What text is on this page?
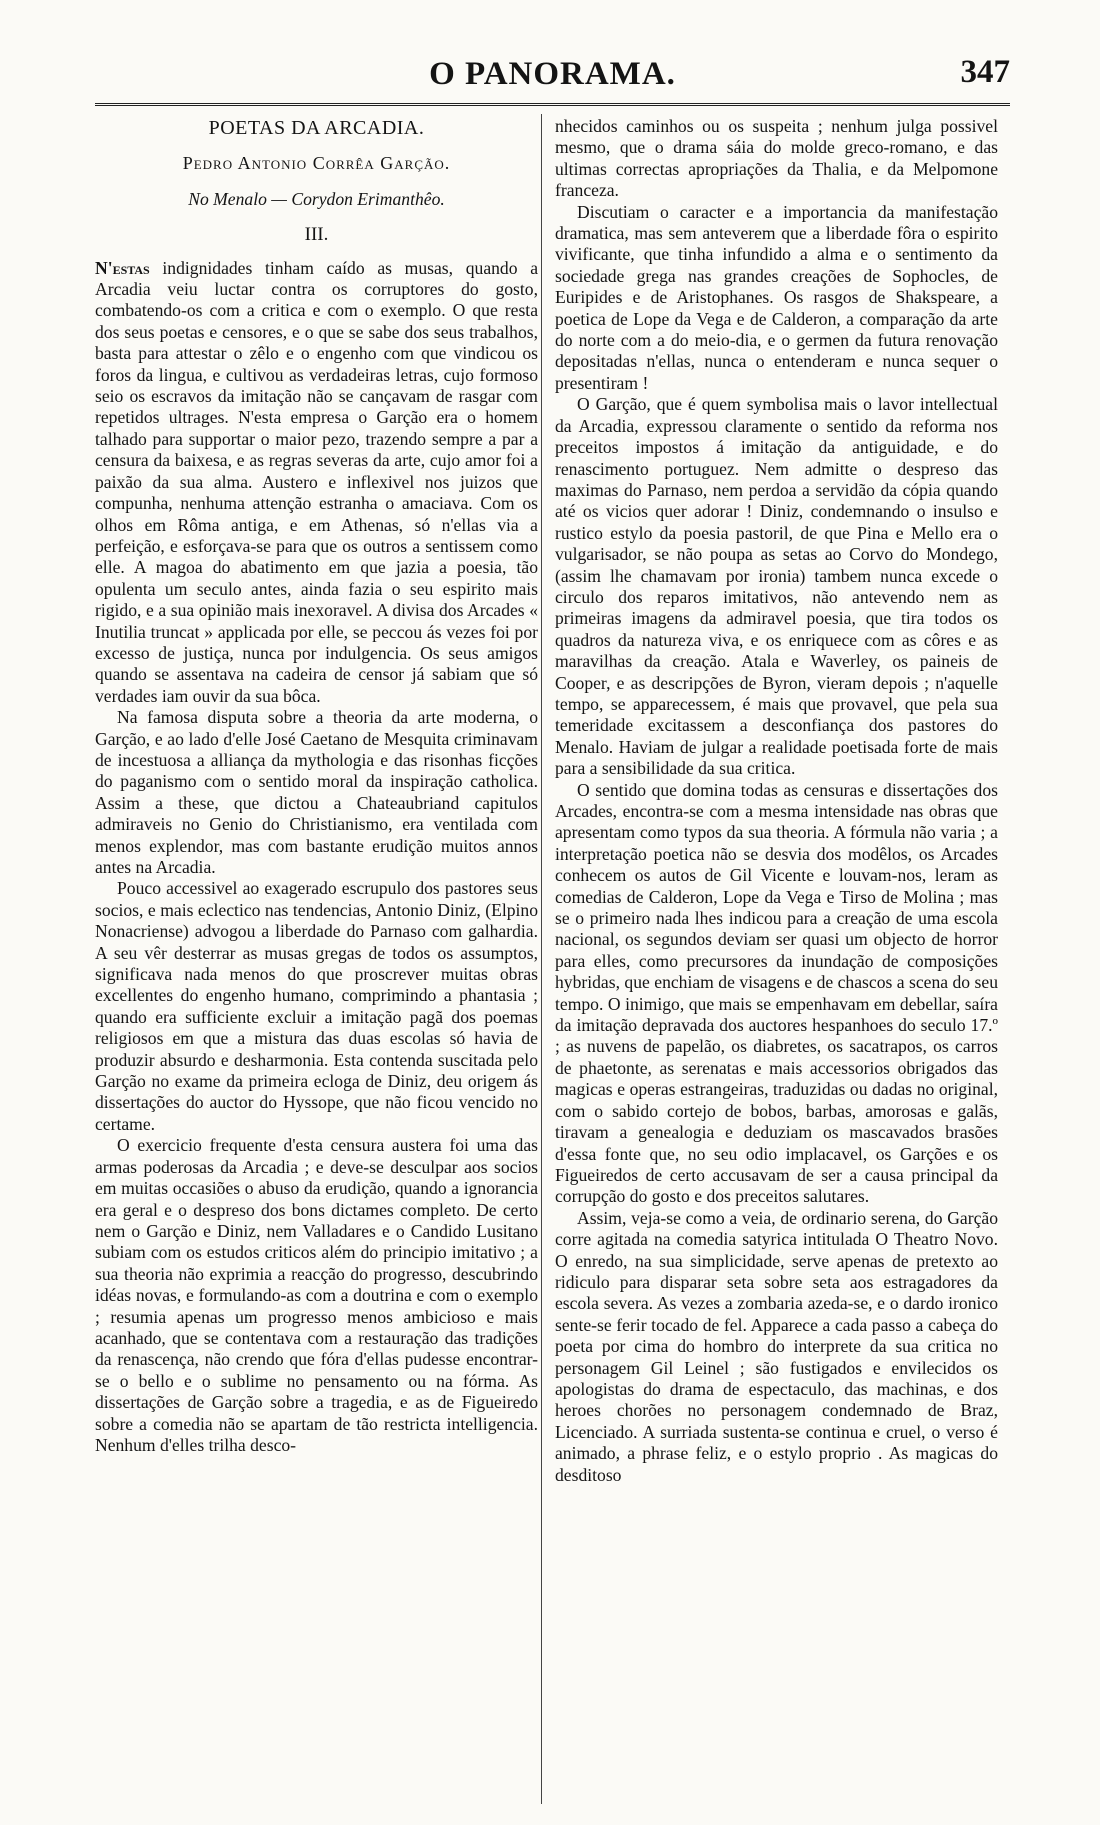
O PANORAMA.	347
POETAS DA ARCADIA.
Pedro Antonio Corrêa Garção.
No Menalo — Corydon Erimanthêo.
III.

N'estas indignidades tinham caído as musas, quando a Arcadia veiu luctar contra os corruptores do gosto, combatendo-os com a critica e com o exemplo. O que resta dos seus poetas e censores, e o que se sabe dos seus trabalhos, basta para attestar o zêlo e o engenho com que vindicou os foros da lingua, e cultivou as verdadeiras letras, cujo formoso seio os escravos da imitação não se cançavam de rasgar com repetidos ultrages. N'esta empresa o Garção era o homem talhado para supportar o maior pezo, trazendo sempre a par a censura da baixesa, e as regras severas da arte, cujo amor foi a paixão da sua alma. Austero e inflexivel nos juizos que compunha, nenhuma attenção estranha o amaciava. Com os olhos em Rôma antiga, e em Athenas, só n'ellas via a perfeição, e esforçava-se para que os outros a sentissem como elle. A magoa do abatimento em que jazia a poesia, tão opulenta um seculo antes, ainda fazia o seu espirito mais rigido, e a sua opinião mais inexoravel. A divisa dos Arcades « Inutilia truncat » applicada por elle, se peccou ás vezes foi por excesso de justiça, nunca por indulgencia. Os seus amigos quando se assentava na cadeira de censor já sabiam que só verdades iam ouvir da sua bôca.

Na famosa disputa sobre a theoria da arte moderna, o Garção, e ao lado d'elle José Caetano de Mesquita criminavam de incestuosa a alliança da mythologia e das risonhas ficções do paganismo com o sentido moral da inspiração catholica. Assim a these, que dictou a Chateaubriand capitulos admiraveis no Genio do Christianismo, era ventilada com menos explendor, mas com bastante erudição muitos annos antes na Arcadia.

Pouco accessivel ao exagerado escrupulo dos pastores seus socios, e mais eclectico nas tendencias, Antonio Diniz, (Elpino Nonacriense) advogou a liberdade do Parnaso com galhardia. A seu vêr desterrar as musas gregas de todos os assumptos, significava nada menos do que proscrever muitas obras excellentes do engenho humano, comprimindo a phantasia ; quando era sufficiente excluir a imitação pagã dos poemas religiosos em que a mistura das duas escolas só havia de produzir absurdo e desharmonia. Esta contenda suscitada pelo Garção no exame da primeira ecloga de Diniz, deu origem ás dissertações do auctor do Hyssope, que não ficou vencido no certame.

O exercicio frequente d'esta censura austera foi uma das armas poderosas da Arcadia ; e deve-se desculpar aos socios em muitas occasiões o abuso da erudição, quando a ignorancia era geral e o despreso dos bons dictames completo. De certo nem o Garção e Diniz, nem Valladares e o Candido Lusitano subiam com os estudos criticos além do principio imitativo ; a sua theoria não exprimia a reacção do progresso, descubrindo idéas novas, e formulando-as com a doutrina e com o exemplo ; resumia apenas um progresso menos ambicioso e mais acanhado, que se contentava com a restauração das tradições da renascença, não crendo que fóra d'ellas pudesse encontrar-se o bello e o sublime no pensamento ou na fórma. As dissertações de Garção sobre a tragedia, e as de Figueiredo sobre a comedia não se apartam de tão restricta intelligencia. Nenhum d'elles trilha desco-

nhecidos caminhos ou os suspeita ; nenhum julga possivel mesmo, que o drama sáia do molde greco-romano, e das ultimas correctas apropriações da Thalia, e da Melpomone franceza.

Discutiam o caracter e a importancia da manifestação dramatica, mas sem anteverem que a liberdade fôra o espirito vivificante, que tinha infundido a alma e o sentimento da sociedade grega nas grandes creações de Sophocles, de Euripides e de Aristophanes. Os rasgos de Shakspeare, a poetica de Lope da Vega e de Calderon, a comparação da arte do norte com a do meio-dia, e o germen da futura renovação depositadas n'ellas, nunca o entenderam e nunca sequer o presentiram !

O Garção, que é quem symbolisa mais o lavor intellectual da Arcadia, expressou claramente o sentido da reforma nos preceitos impostos á imitação da antiguidade, e do renascimento portuguez. Nem admitte o despreso das maximas do Parnaso, nem perdoa a servidão da cópia quando até os vicios quer adorar ! Diniz, condemnando o insulso e rustico estylo da poesia pastoril, de que Pina e Mello era o vulgarisador, se não poupa as setas ao Corvo do Mondego, (assim lhe chamavam por ironia) tambem nunca excede o circulo dos reparos imitativos, não antevendo nem as primeiras imagens da admiravel poesia, que tira todos os quadros da natureza viva, e os enriquece com as côres e as maravilhas da creação. Atala e Waverley, os paineis de Cooper, e as descripções de Byron, vieram depois ; n'aquelle tempo, se apparecessem, é mais que provavel, que pela sua temeridade excitassem a desconfiança dos pastores do Menalo. Haviam de julgar a realidade poetisada forte de mais para a sensibilidade da sua critica.

O sentido que domina todas as censuras e dissertações dos Arcades, encontra-se com a mesma intensidade nas obras que apresentam como typos da sua theoria. A fórmula não varia ; a interpretação poetica não se desvia dos modêlos, os Arcades conhecem os autos de Gil Vicente e louvam-nos, leram as comedias de Calderon, Lope da Vega e Tirso de Molina ; mas se o primeiro nada lhes indicou para a creação de uma escola nacional, os segundos deviam ser quasi um objecto de horror para elles, como precursores da inundação de composições hybridas, que enchiam de visagens e de chascos a scena do seu tempo. O inimigo, que mais se empenhavam em debellar, saíra da imitação depravada dos auctores hespanhoes do seculo 17.º ; as nuvens de papelão, os diabretes, os sacatrapos, os carros de phaetonte, as serenatas e mais accessorios obrigados das magicas e operas estrangeiras, traduzidas ou dadas no original, com o sabido cortejo de bobos, barbas, amorosas e galãs, tiravam a genealogia e deduziam os mascavados brasões d'essa fonte que, no seu odio implacavel, os Garções e os Figueiredos de certo accusavam de ser a causa principal da corrupção do gosto e dos preceitos salutares.

Assim, veja-se como a veia, de ordinario serena, do Garção corre agitada na comedia satyrica intitulada O Theatro Novo. O enredo, na sua simplicidade, serve apenas de pretexto ao ridiculo para disparar seta sobre seta aos estragadores da escola severa. As vezes a zombaria azeda-se, e o dardo ironico sente-se ferir tocado de fel. Apparece a cada passo a cabeça do poeta por cima do hombro do interprete da sua critica no personagem Gil Leinel ; são fustigados e envilecidos os apologistas do drama de espectaculo, das machinas, e dos heroes chorões no personagem condemnado de Braz, Licenciado. A surriada sustenta-se continua e cruel, o verso é animado, a phrase feliz, e o estylo proprio . As magicas do desditoso
